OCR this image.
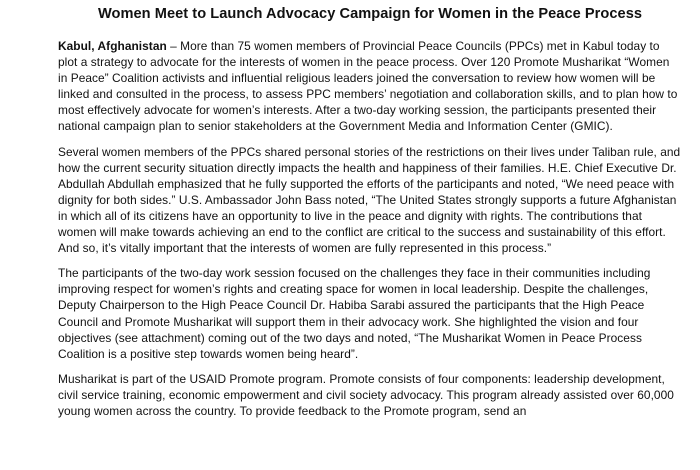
Women Meet to Launch Advocacy Campaign for Women in the Peace Process

Kabul, Afghanistan – More than 75 women members of Provincial Peace Councils (PPCs) met in Kabul today to plot a strategy to advocate for the interests of women in the peace process. Over 120 Promote Musharikat “Women in Peace” Coalition activists and influential religious leaders joined the conversation to review how women will be linked and consulted in the process, to assess PPC members’ negotiation and collaboration skills, and to plan how to most effectively advocate for women’s interests. After a two-day working session, the participants presented their national campaign plan to senior stakeholders at the Government Media and Information Center (GMIC).

Several women members of the PPCs shared personal stories of the restrictions on their lives under Taliban rule, and how the current security situation directly impacts the health and happiness of their families. H.E. Chief Executive Dr. Abdullah Abdullah emphasized that he fully supported the efforts of the participants and noted, “We need peace with dignity for both sides.” U.S. Ambassador John Bass noted, “The United States strongly supports a future Afghanistan in which all of its citizens have an opportunity to live in the peace and dignity with rights. The contributions that women will make towards achieving an end to the conflict are critical to the success and sustainability of this effort. And so, it’s vitally important that the interests of women are fully represented in this process.”

The participants of the two-day work session focused on the challenges they face in their communities including improving respect for women’s rights and creating space for women in local leadership. Despite the challenges, Deputy Chairperson to the High Peace Council Dr. Habiba Sarabi assured the participants that the High Peace Council and Promote Musharikat will support them in their advocacy work. She highlighted the vision and four objectives (see attachment) coming out of the two days and noted, “The Musharikat Women in Peace Process Coalition is a positive step towards women being heard”.

Musharikat is part of the USAID Promote program. Promote consists of four components: leadership development, civil service training, economic empowerment and civil society advocacy. This program already assisted over 60,000 young women across the country. To provide feedback to the Promote program, send an
